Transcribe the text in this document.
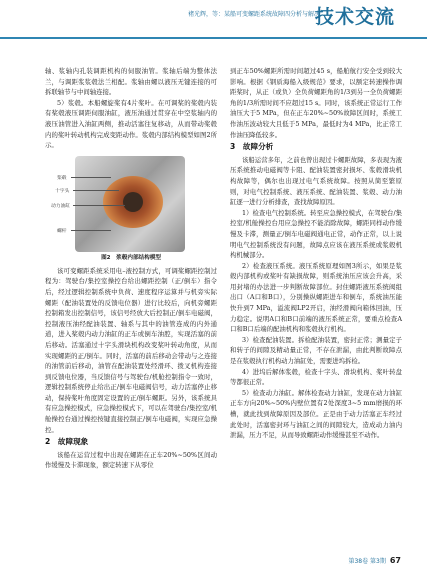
褚光辉，等：某船可变螺距系统故障四分析与解决
技术交流

轴、浆轴内孔装调距机构的伺服油管。浆轴后端为整体法兰，与调距浆浆毂法兰相配。浆轴由螺以液压无键连接的可拆联轴节与中间轴连接。

5）浆毂。本船螺旋桨有4片桨叶。在可调桨的桨毂内装有桨毂液压调距伺服油缸，液压油通过贯穿在中空浆轴内的液压油管进入油缸两侧，推动活塞往复移动，从而带动桨毂内的桨叶转动机构完成变距动作。浆毂内部结构模型如图2所示。

桨毂
十字头
动力油缸
螺杆
图2　浆毂内部结构模型

该可变螺距系统采用电–液控制方式，可调桨螺距控制过程为：驾驶台/集控室操控台给出螺距控制（正/倒车）指令后，经过逻辑控制系统中负荷、速度程序运算并与机旁实际螺距（配油装置处的反馈电位器）进行比较后，向机旁螺距控制箱发出控制信号，该信号经放大后控制正/倒车电磁阀，控制液压油经配油装置、轴系与其中的油管连成的内外通道，进入桨毂内动力油缸的正车或倒车油腔，实现活塞的前后移动。活塞通过十字头滑块机构改变桨叶转动角度，从而实现螺距的正/倒车。同时，活塞的前后移动会带动与之连接的油管前后移动，油管在配油装置处经滑环、拨叉机构连接到反馈电位器，当反馈信号与驾驶台/机舱控制指令一致时，逻辑控制系统停止给出正/倒车电磁阀信号，动力活塞停止移动，保持桨叶角度固定设置的正/倒车螺距。另外，该系统具有应急操控模式，应急操控模式下，可以在驾驶台/集控室/机舱操控台通过操控按键直接控制正/倒车电磁阀，实现应急操控。

2　故障现象

该船在运营过程中出现在螺距在正车20%~50%区间动作缓慢及卡滞现象，额定转速下从零位

到正车50%螺距所需时间超过45 s，船舶航行安全受到较大影响。根据《钢质海船入级规范》要求，以额定转速操作调距桨时，从正（或负）全负荷螺距角的1/3到另一全负荷螺距角的1/3所需时间不应超过15 s。同时，该系统正常运行工作油压大于5 MPa，但在正车20%~50%故障区间时，系统工作油压波动较大且低于5 MPa，最低时为4 MPa，比正常工作油压降低较多。

3　故障分析

该船运营多年，之前也曾出现过卡螺距故障，多表现为液压系统推动电磁阀等卡阻、配油装置密封损坏、浆毂滑块机构故障等，偶尔也出现过电气系统故障。按照从简至繁原则，对电气控制系统、液压系统、配油装置、浆毂、动力油缸逐一进行分析排查，查找故障原因。

1）检查电气控制系统。转至应急操控模式，在驾驶台/集控室/机舱操控台用应急操控不能消除故障，螺距同样动作缓慢及卡滞，测量正/倒车电磁阀通电正常，动作正常，以上说明电气控制系统没有问题，故障点应该在液压系统或浆毂机构机械部分。

2）检查液压系统。液压系统原理如图3所示，如果是浆毂内部机构或桨叶有缺损故障，则系统油压应该会升高，采用封堵的办法进一步判断故障部位。封住螺距液压系统阀组出口（A口和B口），分别操纵螺距进车和倒车，系统油压能快升到7 MPa，溢流阀LP2开启，油经滑阀向箱体回油，压力稳定。说明A口和B口前端的液压系统正常，要重点检查A口和B口后端的配油机构和浆毂执行机构。

3）检查配油装置。拆检配油装置，密封正常；测量定子和转子的间隙及精动量正常，不存在泄漏，由此判断故障点是在浆毂执行机构动力油缸处，需要进坞拆检。

4）进坞后解体浆毂，检查十字头、滑块机构、桨叶转盘等都很正常。

5）检查动力油缸。解体检查动力油缸，发现在动力油缸正车方向20%~50%内壁位置有2处深度3~5 mm磨损的环槽，就此找到故障原因及部位。正是由于动力活塞正车经过此处时，活塞密封环与油缸之间的间隙较大，造成动力油内泄漏，压力不足，从而导致螺距动作缓慢甚至不动作。

第38卷 第3期 67
